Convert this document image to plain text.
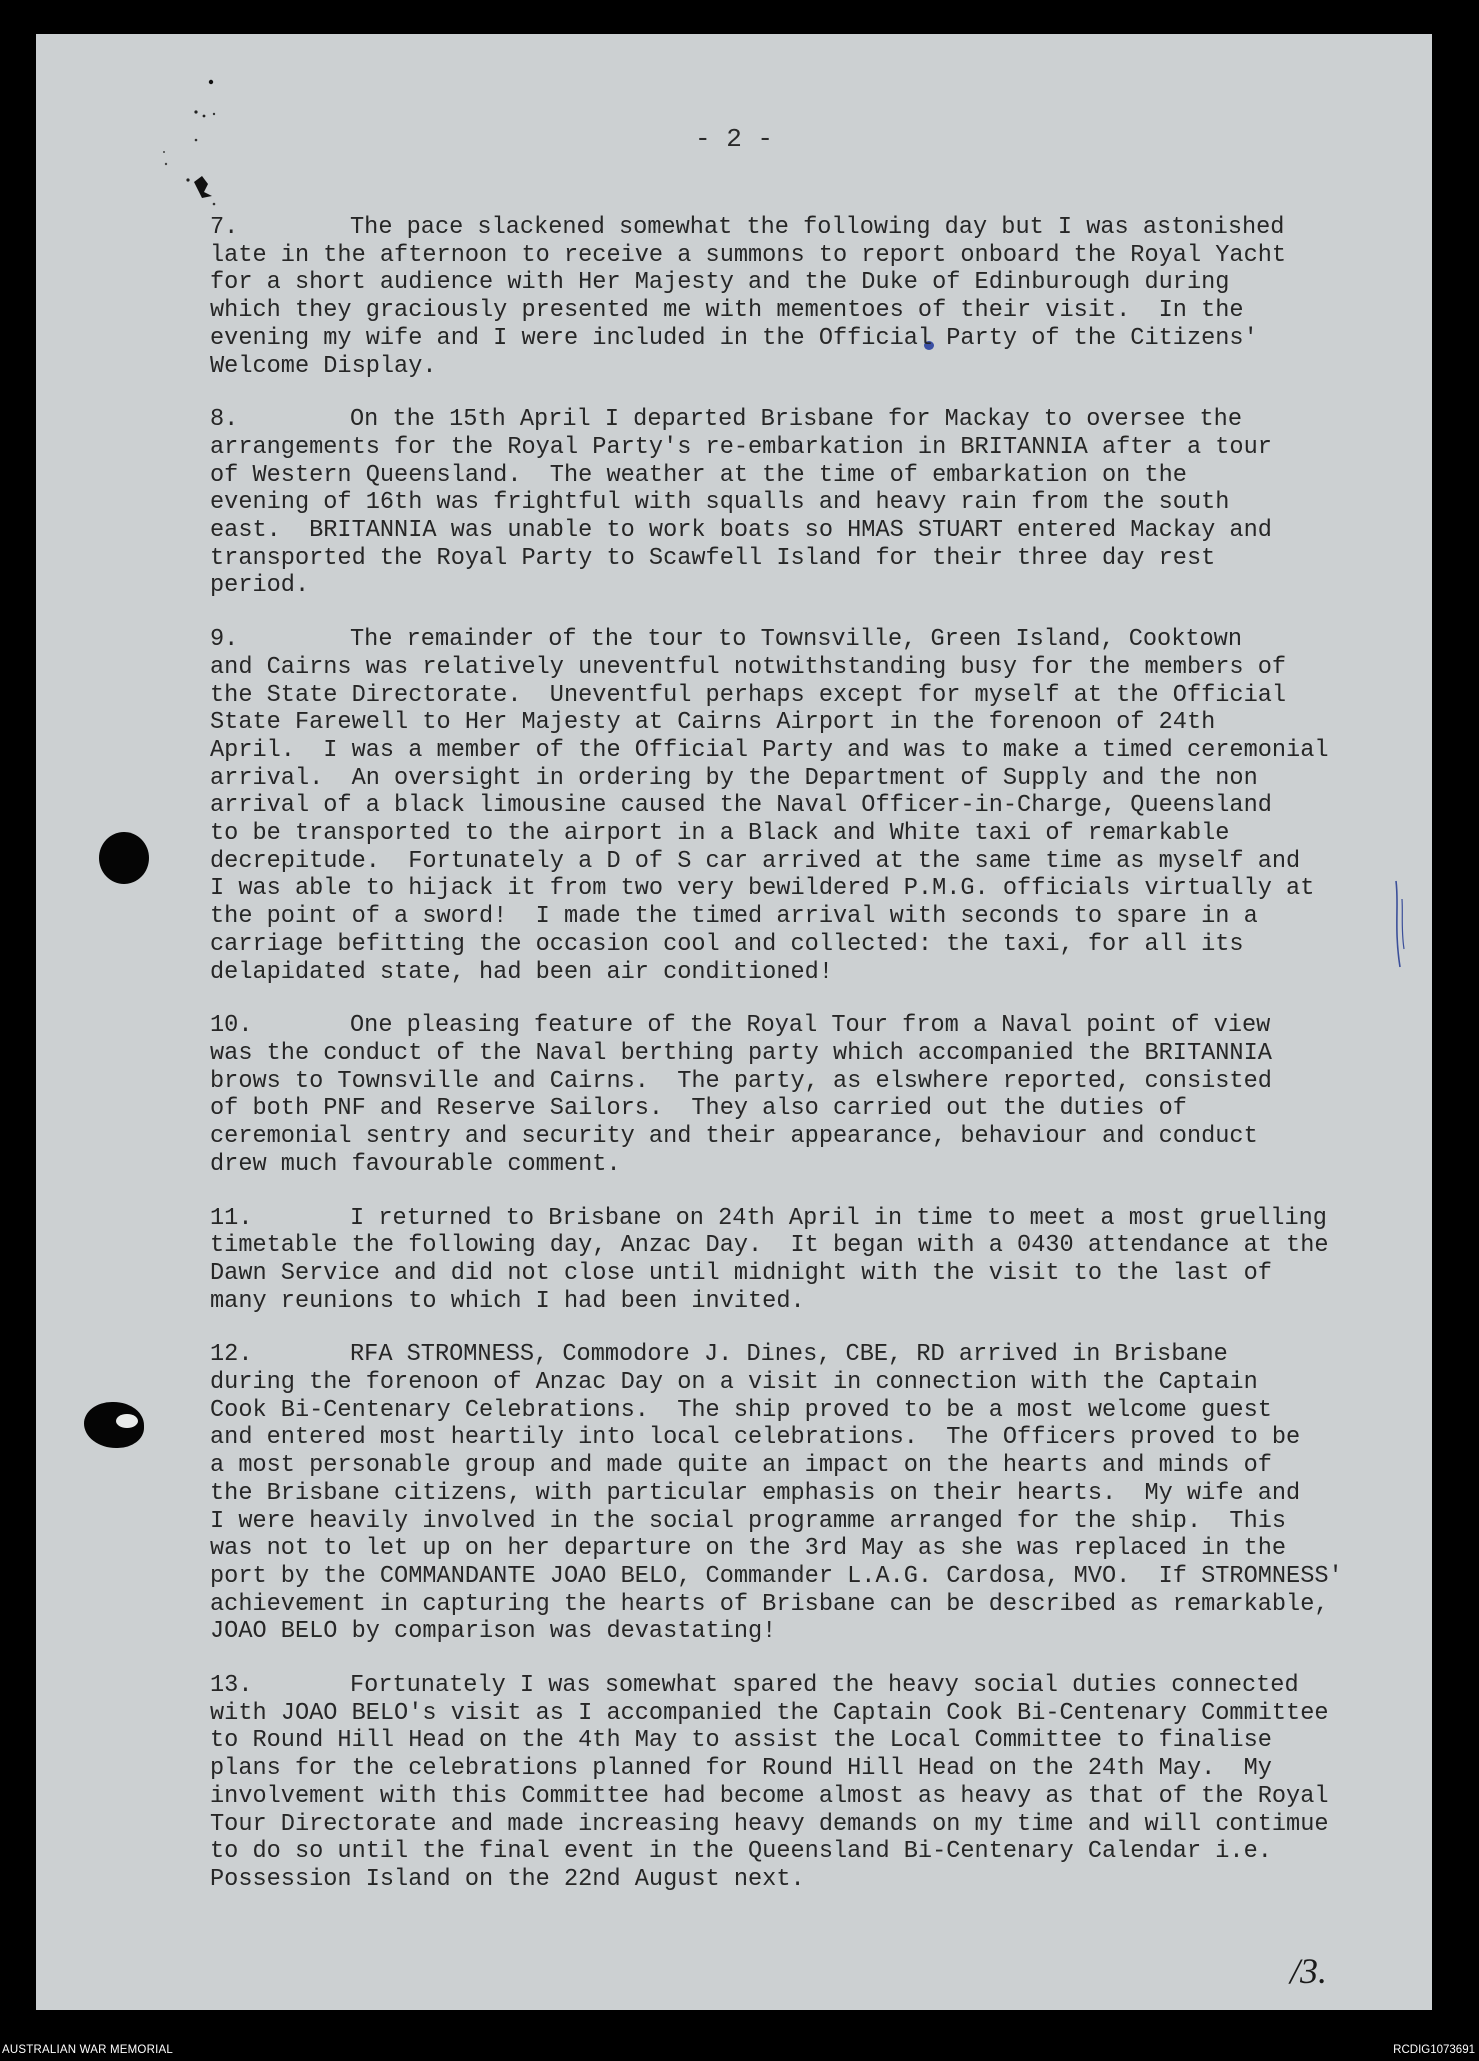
- 2 -
7.	The pace slackened somewhat the following day but I was astonished
late in the afternoon to receive a summons to report onboard the Royal Yacht
for a short audience with Her Majesty and the Duke of Edinburough during
which they graciously presented me with mementoes of their visit.  In the
evening my wife and I were included in the Official Party of the Citizens'
Welcome Display.
8.	On the 15th April I departed Brisbane for Mackay to oversee the
arrangements for the Royal Party's re-embarkation in BRITANNIA after a tour
of Western Queensland.  The weather at the time of embarkation on the
evening of 16th was frightful with squalls and heavy rain from the south
east.  BRITANNIA was unable to work boats so HMAS STUART entered Mackay and
transported the Royal Party to Scawfell Island for their three day rest
period.
9.	The remainder of the tour to Townsville, Green Island, Cooktown
and Cairns was relatively uneventful notwithstanding busy for the members of
the State Directorate.  Uneventful perhaps except for myself at the Official
State Farewell to Her Majesty at Cairns Airport in the forenoon of 24th
April.  I was a member of the Official Party and was to make a timed ceremonial
arrival.  An oversight in ordering by the Department of Supply and the non
arrival of a black limousine caused the Naval Officer-in-Charge, Queensland
to be transported to the airport in a Black and White taxi of remarkable
decrepitude.  Fortunately a D of S car arrived at the same time as myself and
I was able to hijack it from two very bewildered P.M.G. officials virtually at
the point of a sword!  I made the timed arrival with seconds to spare in a
carriage befitting the occasion cool and collected: the taxi, for all its
delapidated state, had been air conditioned!
10.	One pleasing feature of the Royal Tour from a Naval point of view
was the conduct of the Naval berthing party which accompanied the BRITANNIA
brows to Townsville and Cairns.  The party, as elswhere reported, consisted
of both PNF and Reserve Sailors.  They also carried out the duties of
ceremonial sentry and security and their appearance, behaviour and conduct
drew much favourable comment.
11.	I returned to Brisbane on 24th April in time to meet a most gruelling
timetable the following day, Anzac Day.  It began with a 0430 attendance at the
Dawn Service and did not close until midnight with the visit to the last of
many reunions to which I had been invited.
12.	RFA STROMNESS, Commodore J. Dines, CBE, RD arrived in Brisbane
during the forenoon of Anzac Day on a visit in connection with the Captain
Cook Bi-Centenary Celebrations.  The ship proved to be a most welcome guest
and entered most heartily into local celebrations.  The Officers proved to be
a most personable group and made quite an impact on the hearts and minds of
the Brisbane citizens, with particular emphasis on their hearts.  My wife and
I were heavily involved in the social programme arranged for the ship.  This
was not to let up on her departure on the 3rd May as she was replaced in the
port by the COMMANDANTE JOAO BELO, Commander L.A.G. Cardosa, MVO.  If STROMNESS'
achievement in capturing the hearts of Brisbane can be described as remarkable,
JOAO BELO by comparison was devastating!
13.	Fortunately I was somewhat spared the heavy social duties connected
with JOAO BELO's visit as I accompanied the Captain Cook Bi-Centenary Committee
to Round Hill Head on the 4th May to assist the Local Committee to finalise
plans for the celebrations planned for Round Hill Head on the 24th May.  My
involvement with this Committee had become almost as heavy as that of the Royal
Tour Directorate and made increasing heavy demands on my time and will contimue
to do so until the final event in the Queensland Bi-Centenary Calendar i.e.
Possession Island on the 22nd August next.
/3.
AUSTRALIAN WAR MEMORIAL	RCDIG1073691
